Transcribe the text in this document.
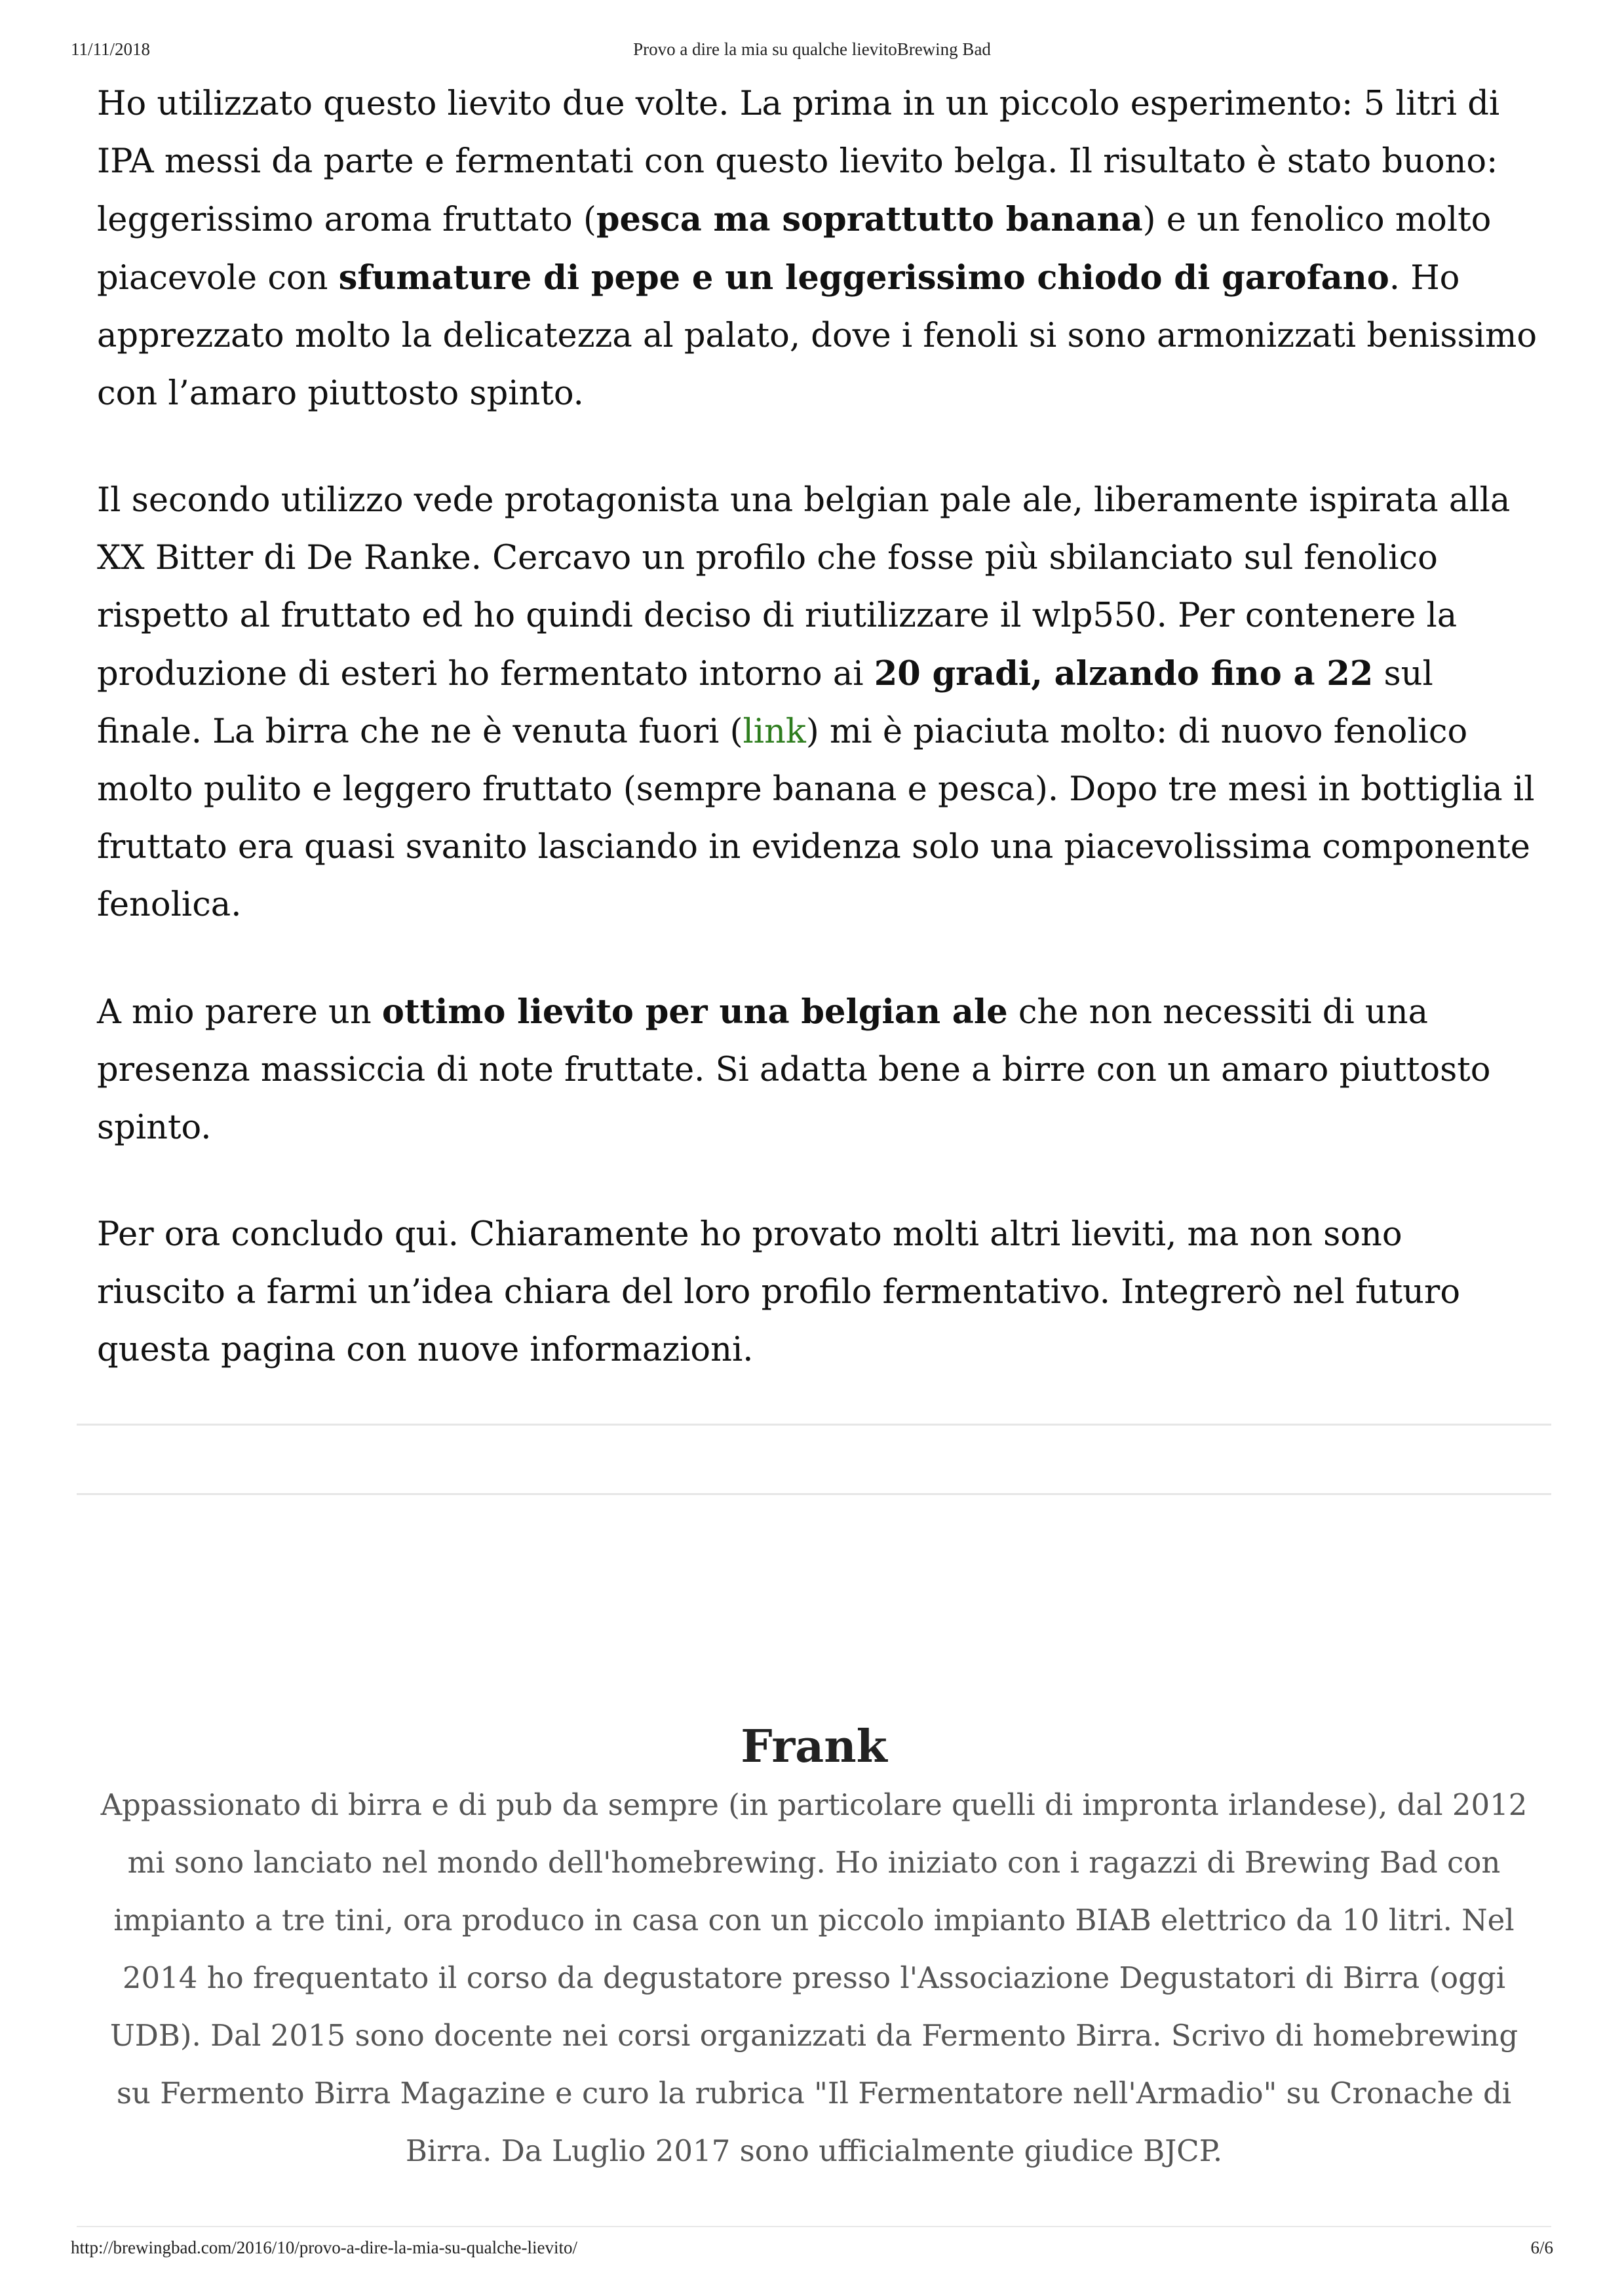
Provo a dire la mia su qualche lievitoBrewing Bad
11/11/2018

Ho utilizzato questo lievito due volte. La prima in un piccolo esperimento: 5 litri di IPA messi da parte e fermentati con questo lievito belga. Il risultato è stato buono: leggerissimo aroma fruttato (pesca ma soprattutto banana) e un fenolico molto piacevole con sfumature di pepe e un leggerissimo chiodo di garofano. Ho apprezzato molto la delicatezza al palato, dove i fenoli si sono armonizzati benissimo con l’amaro piuttosto spinto.

Il secondo utilizzo vede protagonista una belgian pale ale, liberamente ispirata alla XX Bitter di De Ranke. Cercavo un profilo che fosse più sbilanciato sul fenolico rispetto al fruttato ed ho quindi deciso di riutilizzare il wlp550. Per contenere la produzione di esteri ho fermentato intorno ai 20 gradi, alzando fino a 22 sul finale. La birra che ne è venuta fuori (link) mi è piaciuta molto: di nuovo fenolico molto pulito e leggero fruttato (sempre banana e pesca). Dopo tre mesi in bottiglia il fruttato era quasi svanito lasciando in evidenza solo una piacevolissima componente fenolica.

A mio parere un ottimo lievito per una belgian ale che non necessiti di una presenza massiccia di note fruttate. Si adatta bene a birre con un amaro piuttosto spinto.

Per ora concludo qui. Chiaramente ho provato molti altri lieviti, ma non sono riuscito a farmi un’idea chiara del loro profilo fermentativo. Integrerò nel futuro questa pagina con nuove informazioni.

Frank

Appassionato di birra e di pub da sempre (in particolare quelli di impronta irlandese), dal 2012 mi sono lanciato nel mondo dell'homebrewing. Ho iniziato con i ragazzi di Brewing Bad con impianto a tre tini, ora produco in casa con un piccolo impianto BIAB elettrico da 10 litri. Nel 2014 ho frequentato il corso da degustatore presso l'Associazione Degustatori di Birra (oggi UDB). Dal 2015 sono docente nei corsi organizzati da Fermento Birra. Scrivo di homebrewing su Fermento Birra Magazine e curo la rubrica "Il Fermentatore nell'Armadio" su Cronache di Birra. Da Luglio 2017 sono ufficialmente giudice BJCP.

http://brewingbad.com/2016/10/provo-a-dire-la-mia-su-qualche-lievito/	6/6
